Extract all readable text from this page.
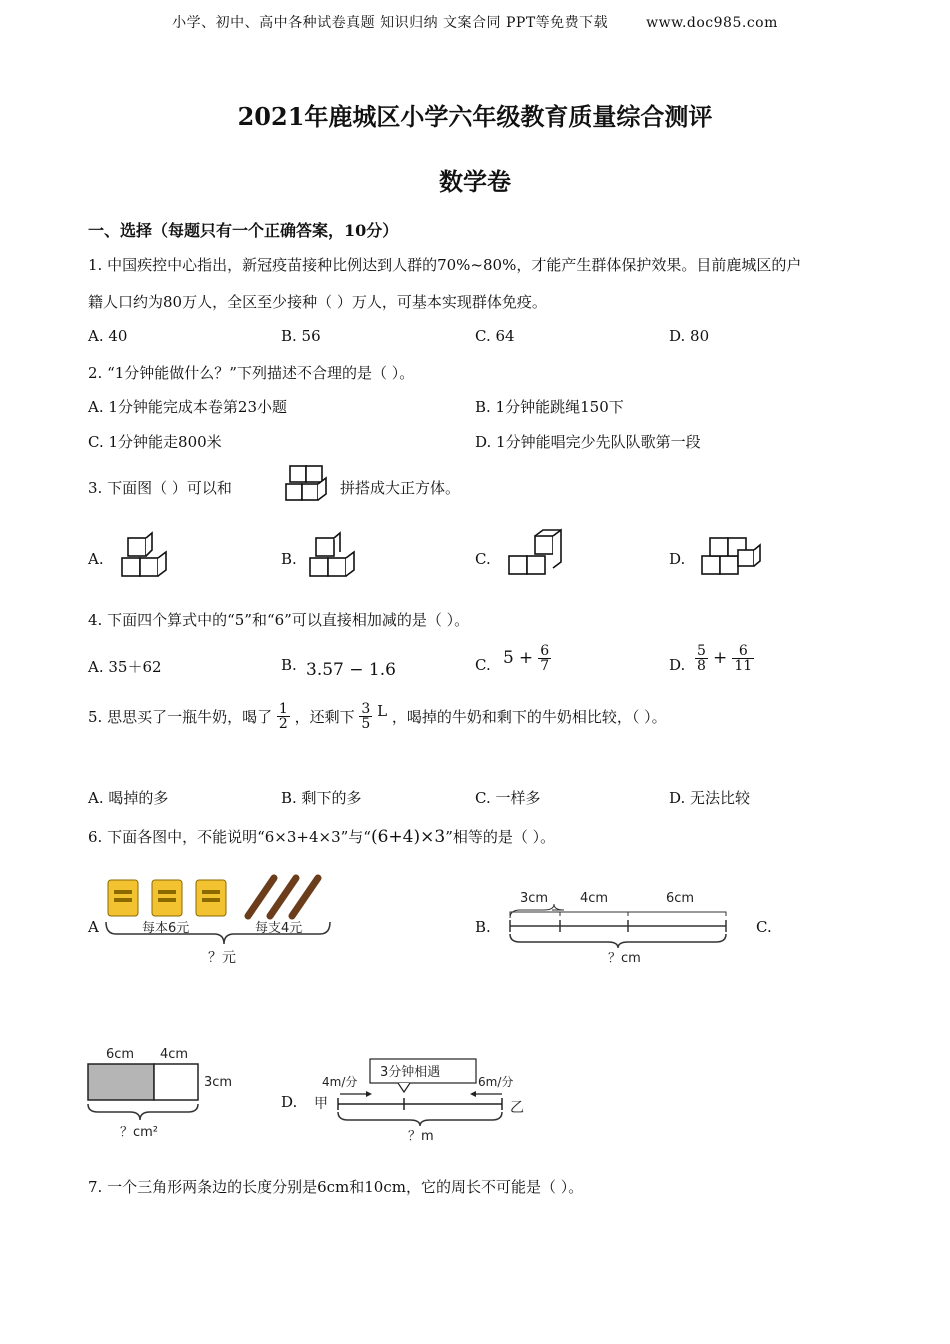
小学、初中、高中各种试卷真题 知识归纳 文案合同 PPT等免费下载	www.doc985.com
2021年鹿城区小学六年级教育质量综合测评
数学卷
一、选择（每题只有一个正确答案，10分）
1. 中国疾控中心指出，新冠疫苗接种比例达到人群的70%~80%，才能产生群体保护效果。目前鹿城区的户
籍人口约为80万人，全区至少接种（ ）万人，可基本实现群体免疫。
A. 40	B. 56	C. 64	D. 80
2. “1分钟能做什么？”下列描述不合理的是（ ）。
A. 1分钟能完成本卷第23小题	B. 1分钟能跳绳150下
C. 1分钟能走800米	D. 1分钟能唱完少先队队歌第一段
3. 下面图（ ）可以和	拼搭成大正方体。
A.	B.	C.	D.
4. 下面四个算式中的“5”和“6”可以直接相加减的是（ ）。
A. 35＋62	B. 3.57 − 1.6	C. $5 + \frac{6}{7}$	D. $\frac{5}{8} + \frac{6}{11}$
5. 思思买了一瓶牛奶，喝了 $\frac{1}{2}$ ，还剩下 $\frac{3}{5}$ L ，喝掉的牛奶和剩下的牛奶相比较，（ ）。
A. 喝掉的多	B. 剩下的多	C. 一样多	D. 无法比较
6. 下面各图中，不能说明“6×3+4×3”与“(6+4)×3”相等的是（ ）。
A	每本6元	每支4元
？元
B.
3cm 4cm	6cm
？cm
C.
6cm 4cm
3cm
？cm²
D.
3分钟相遇
4m/分	6m/分
甲	乙
？m
7. 一个三角形两条边的长度分别是6cm和10cm，它的周长不可能是（ ）。
